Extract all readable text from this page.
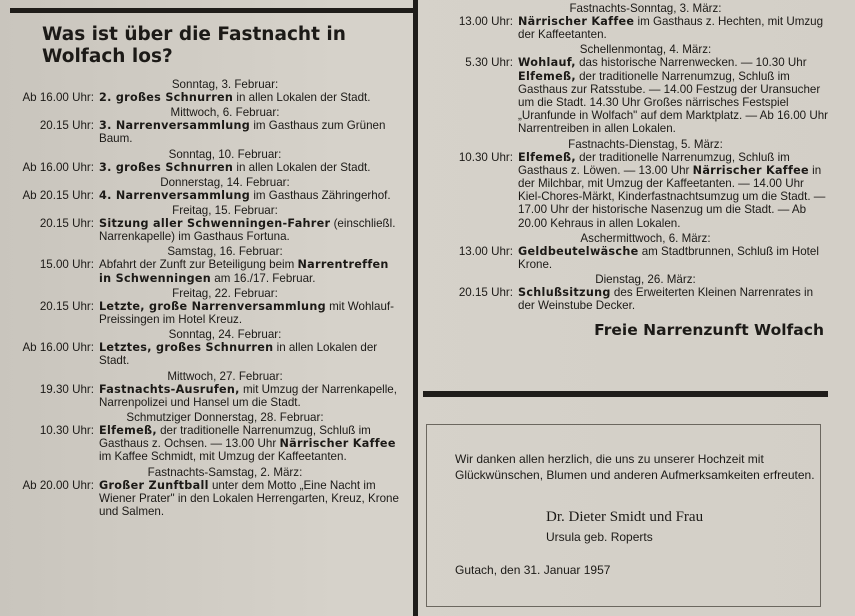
Was ist über die Fastnacht in Wolfach los?
Sonntag, 3. Februar:
Ab 16.00 Uhr: 2. großes Schnurren in allen Lokalen der Stadt.
Mittwoch, 6. Februar:
20.15 Uhr: 3. Narrenversammlung im Gasthaus zum Grünen Baum.
Sonntag, 10. Februar:
Ab 16.00 Uhr: 3. großes Schnurren in allen Lokalen der Stadt.
Donnerstag, 14. Februar:
Ab 20.15 Uhr: 4. Narrenversammlung im Gasthaus Zähringerhof.
Freitag, 15. Februar:
20.15 Uhr: Sitzung aller Schwenningen-Fahrer (einschließl. Narrenkapelle) im Gasthaus Fortuna.
Samstag, 16. Februar:
15.00 Uhr: Abfahrt der Zunft zur Beteiligung beim Narrentreffen in Schwenningen am 16./17. Februar.
Freitag, 22. Februar:
20.15 Uhr: Letzte, große Narrenversammlung mit Wohlauf-Preissingen im Hotel Kreuz.
Sonntag, 24. Februar:
Ab 16.00 Uhr: Letztes, großes Schnurren in allen Lokalen der Stadt.
Mittwoch, 27. Februar:
19.30 Uhr: Fastnachts-Ausrufen, mit Umzug der Narrenkapelle, Narrenpolizei und Hansel um die Stadt.
Schmutziger Donnerstag, 28. Februar:
10.30 Uhr: Elfemeß, der traditionelle Narrenumzug, Schluß im Gasthaus z. Ochsen. — 13.00 Uhr Närrischer Kaffee im Kaffee Schmidt, mit Umzug der Kaffeetanten.
Fastnachts-Samstag, 2. März:
Ab 20.00 Uhr: Großer Zunftball unter dem Motto „Eine Nacht im Wiener Prater" in den Lokalen Herrengarten, Kreuz, Krone und Salmen.
Fastnachts-Sonntag, 3. März:
13.00 Uhr: Närrischer Kaffee im Gasthaus z. Hechten, mit Umzug der Kaffeetanten.
Schellenmontag, 4. März:
5.30 Uhr: Wohlauf, das historische Narrenwecken. — 10.30 Uhr Elfemeß, der traditionelle Narrenumzug, Schluß im Gasthaus zur Ratsstube. — 14.00 Festzug der Uransucher um die Stadt. 14.30 Uhr Großes närrisches Festspiel „Uranfunde in Wolfach" auf dem Marktplatz. — Ab 16.00 Uhr Narrentreiben in allen Lokalen.
Fastnachts-Dienstag, 5. März:
10.30 Uhr: Elfemeß, der traditionelle Narrenumzug, Schluß im Gasthaus z. Löwen. — 13.00 Uhr Närrischer Kaffee in der Milchbar, mit Umzug der Kaffeetanten. — 14.00 Uhr Kiel-Chores-Märkt, Kinderfastnachtsumzug um die Stadt. — 17.00 Uhr der historische Nasenzug um die Stadt. — Ab 20.00 Kehraus in allen Lokalen.
Aschermittwoch, 6. März:
13.00 Uhr: Geldbeutelwäsche am Stadtbrunnen, Schluß im Hotel Krone.
Dienstag, 26. März:
20.15 Uhr: Schlußsitzung des Erweiterten Kleinen Narrenrates in der Weinstube Decker.
Freie Narrenzunft Wolfach
Wir danken allen herzlich, die uns zu unserer Hochzeit mit Glückwünschen, Blumen und anderen Aufmerksamkeiten erfreuten.
Dr. Dieter Smidt und Frau
Ursula geb. Roperts
Gutach, den 31. Januar 1957
